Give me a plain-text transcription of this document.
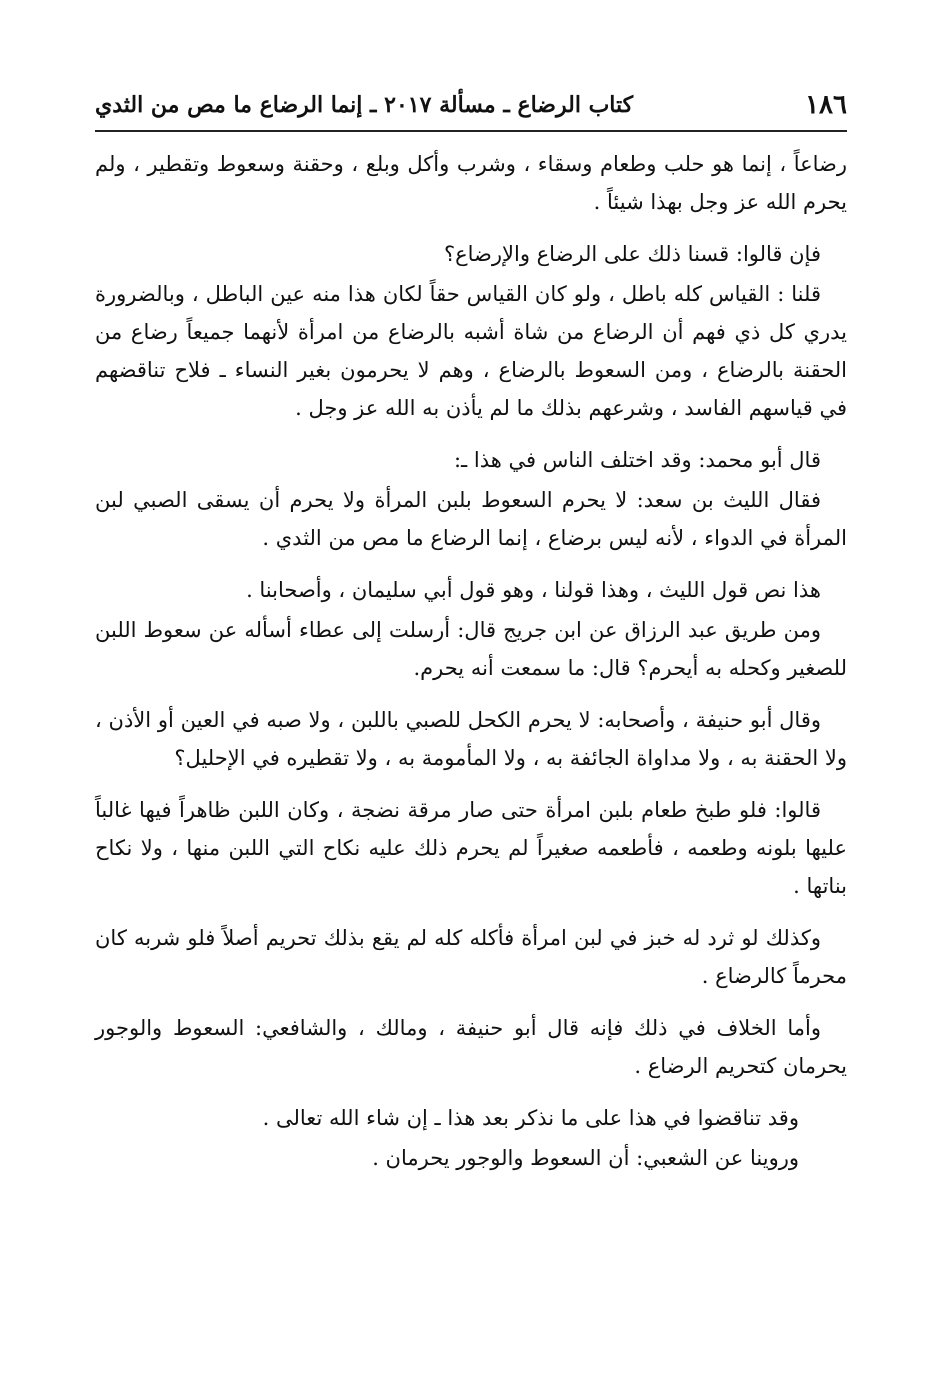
١٨٦
كتاب الرضاع ـ مسألة ٢٠١٧ ـ إنما الرضاع ما مص من الثدي

رضاعاً ، إنما هو حلب وطعام وسقاء ، وشرب وأكل وبلع ، وحقنة وسعوط وتقطير ، ولم يحرم الله عز وجل بهذا شيئاً .

فإن قالوا: قسنا ذلك على الرضاع والإرضاع؟

قلنا : القياس كله باطل ، ولو كان القياس حقاً لكان هذا منه عين الباطل ، وبالضرورة يدري كل ذي فهم أن الرضاع من شاة أشبه بالرضاع من امرأة لأنهما جميعاً رضاع من الحقنة بالرضاع ، ومن السعوط بالرضاع ، وهم لا يحرمون بغير النساء ـ فلاح تناقضهم في قياسهم الفاسد ، وشرعهم بذلك ما لم يأذن به الله عز وجل .

قال أبو محمد: وقد اختلف الناس في هذا ـ:

فقال الليث بن سعد: لا يحرم السعوط بلبن المرأة ولا يحرم أن يسقى الصبي لبن المرأة في الدواء ، لأنه ليس برضاع ، إنما الرضاع ما مص من الثدي .

هذا نص قول الليث ، وهذا قولنا ، وهو قول أبي سليمان ، وأصحابنا .

ومن طريق عبد الرزاق عن ابن جريج قال: أرسلت إلى عطاء أسأله عن سعوط اللبن للصغير وكحله به أيحرم؟ قال: ما سمعت أنه يحرم.

وقال أبو حنيفة ، وأصحابه: لا يحرم الكحل للصبي باللبن ، ولا صبه في العين أو الأذن ، ولا الحقنة به ، ولا مداواة الجائفة به ، ولا المأمومة به ، ولا تقطيره في الإحليل؟

قالوا: فلو طبخ طعام بلبن امرأة حتى صار مرقة نضجة ، وكان اللبن ظاهراً فيها غالباً عليها بلونه وطعمه ، فأطعمه صغيراً لم يحرم ذلك عليه نكاح التي اللبن منها ، ولا نكاح بناتها .

وكذلك لو ثرد له خبز في لبن امرأة فأكله كله لم يقع بذلك تحريم أصلاً فلو شربه كان محرماً كالرضاع .

وأما الخلاف في ذلك فإنه قال أبو حنيفة ، ومالك ، والشافعي: السعوط والوجور يحرمان كتحريم الرضاع .

وقد تناقضوا في هذا على ما نذكر بعد هذا ـ إن شاء الله تعالى .

وروينا عن الشعبي: أن السعوط والوجور يحرمان .
